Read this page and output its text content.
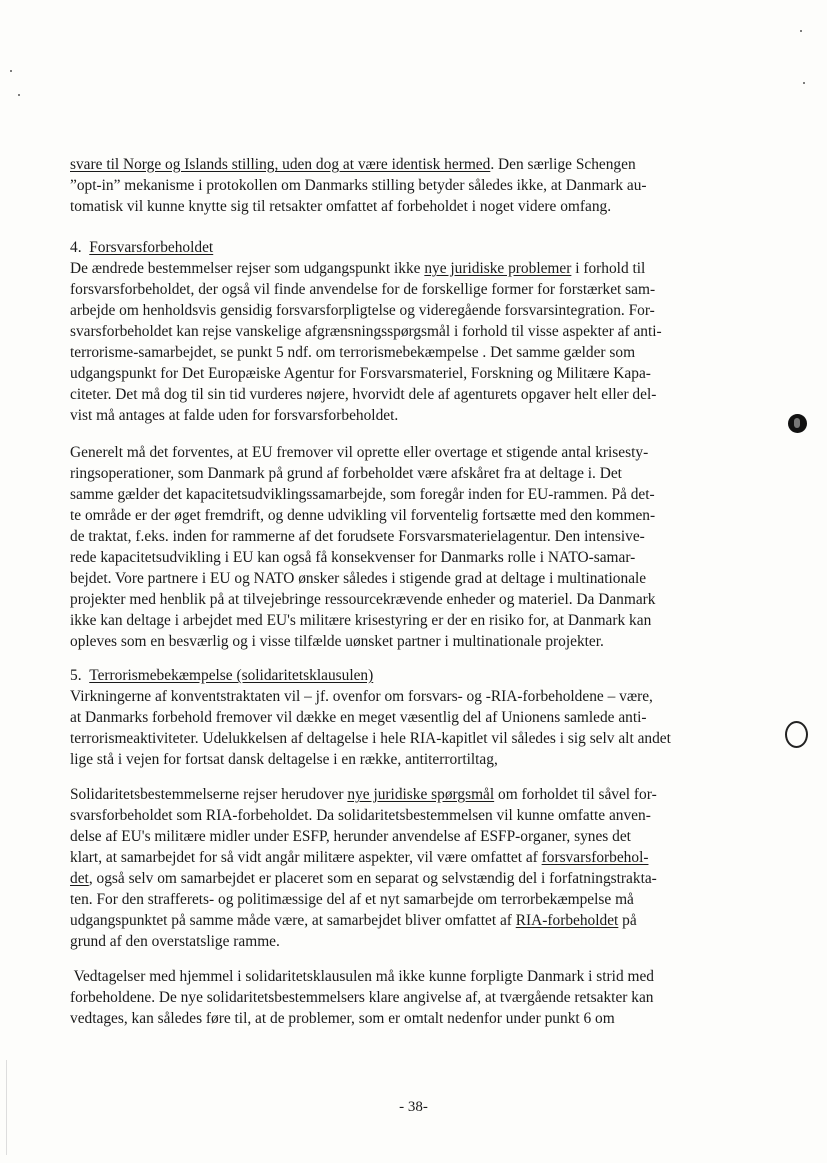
svare til Norge og Islands stilling, uden dog at være identisk hermed. Den særlige Schengen
”opt-in” mekanisme i protokollen om Danmarks stilling betyder således ikke, at Danmark au-
tomatisk vil kunne knytte sig til retsakter omfattet af forbeholdet i noget videre omfang.
4. Forsvarsforbeholdet
De ændrede bestemmelser rejser som udgangspunkt ikke nye juridiske problemer i forhold til
forsvarsforbeholdet, der også vil finde anvendelse for de forskellige former for forstærket sam-
arbejde om henholdsvis gensidig forsvarsforpligtelse og videregående forsvarsintegration. For-
svarsforbeholdet kan rejse vanskelige afgrænsningsspørgsmål i forhold til visse aspekter af anti-
terrorisme-samarbejdet, se punkt 5 ndf. om terrorismebekæmpelse . Det samme gælder som
udgangspunkt for Det Europæiske Agentur for Forsvarsmateriel, Forskning og Militære Kapa-
citeter. Det må dog til sin tid vurderes nøjere, hvorvidt dele af agenturets opgaver helt eller del-
vist må antages at falde uden for forsvarsforbeholdet.
Generelt må det forventes, at EU fremover vil oprette eller overtage et stigende antal krisesty-
ringsoperationer, som Danmark på grund af forbeholdet være afskåret fra at deltage i. Det
samme gælder det kapacitetsudviklingssamarbejde, som foregår inden for EU-rammen. På det-
te område er der øget fremdrift, og denne udvikling vil forventelig fortsætte med den kommen-
de traktat, f.eks. inden for rammerne af det forudsete Forsvarsmaterielagentur. Den intensive-
rede kapacitetsudvikling i EU kan også få konsekvenser for Danmarks rolle i NATO-samar-
bejdet. Vore partnere i EU og NATO ønsker således i stigende grad at deltage i multinationale
projekter med henblik på at tilvejebringe ressourcekrævende enheder og materiel. Da Danmark
ikke kan deltage i arbejdet med EU's militære krisestyring er der en risiko for, at Danmark kan
opleves som en besværlig og i visse tilfælde uønsket partner i multinationale projekter.
5. Terrorismebekæmpelse (solidaritetsklausulen)
Virkningerne af konventstraktaten vil – jf. ovenfor om forsvars- og -RIA-forbeholdene – være,
at Danmarks forbehold fremover vil dække en meget væsentlig del af Unionens samlede anti-
terrorismeaktiviteter. Udelukkelsen af deltagelse i hele RIA-kapitlet vil således i sig selv alt andet
lige stå i vejen for fortsat dansk deltagelse i en række, antiterrortiltag,
Solidaritetsbestemmelserne rejser herudover nye juridiske spørgsmål om forholdet til såvel for-
svarsforbeholdet som RIA-forbeholdet. Da solidaritetsbestemmelsen vil kunne omfatte anven-
delse af EU's militære midler under ESFP, herunder anvendelse af ESFP-organer, synes det
klart, at samarbejdet for så vidt angår militære aspekter, vil være omfattet af forsvarsforbehol-
det, også selv om samarbejdet er placeret som en separat og selvstændig del i forfatningstrakta-
ten. For den strafferets- og politimæssige del af et nyt samarbejde om terrorbekæmpelse må
udgangspunktet på samme måde være, at samarbejdet bliver omfattet af RIA-forbeholdet på
grund af den overstatslige ramme.
Vedtagelser med hjemmel i solidaritetsklausulen må ikke kunne forpligte Danmark i strid med
forbeholdene. De nye solidaritetsbestemmelsers klare angivelse af, at tværgående retsakter kan
vedtages, kan således føre til, at de problemer, som er omtalt nedenfor under punkt 6 om
- 38-
